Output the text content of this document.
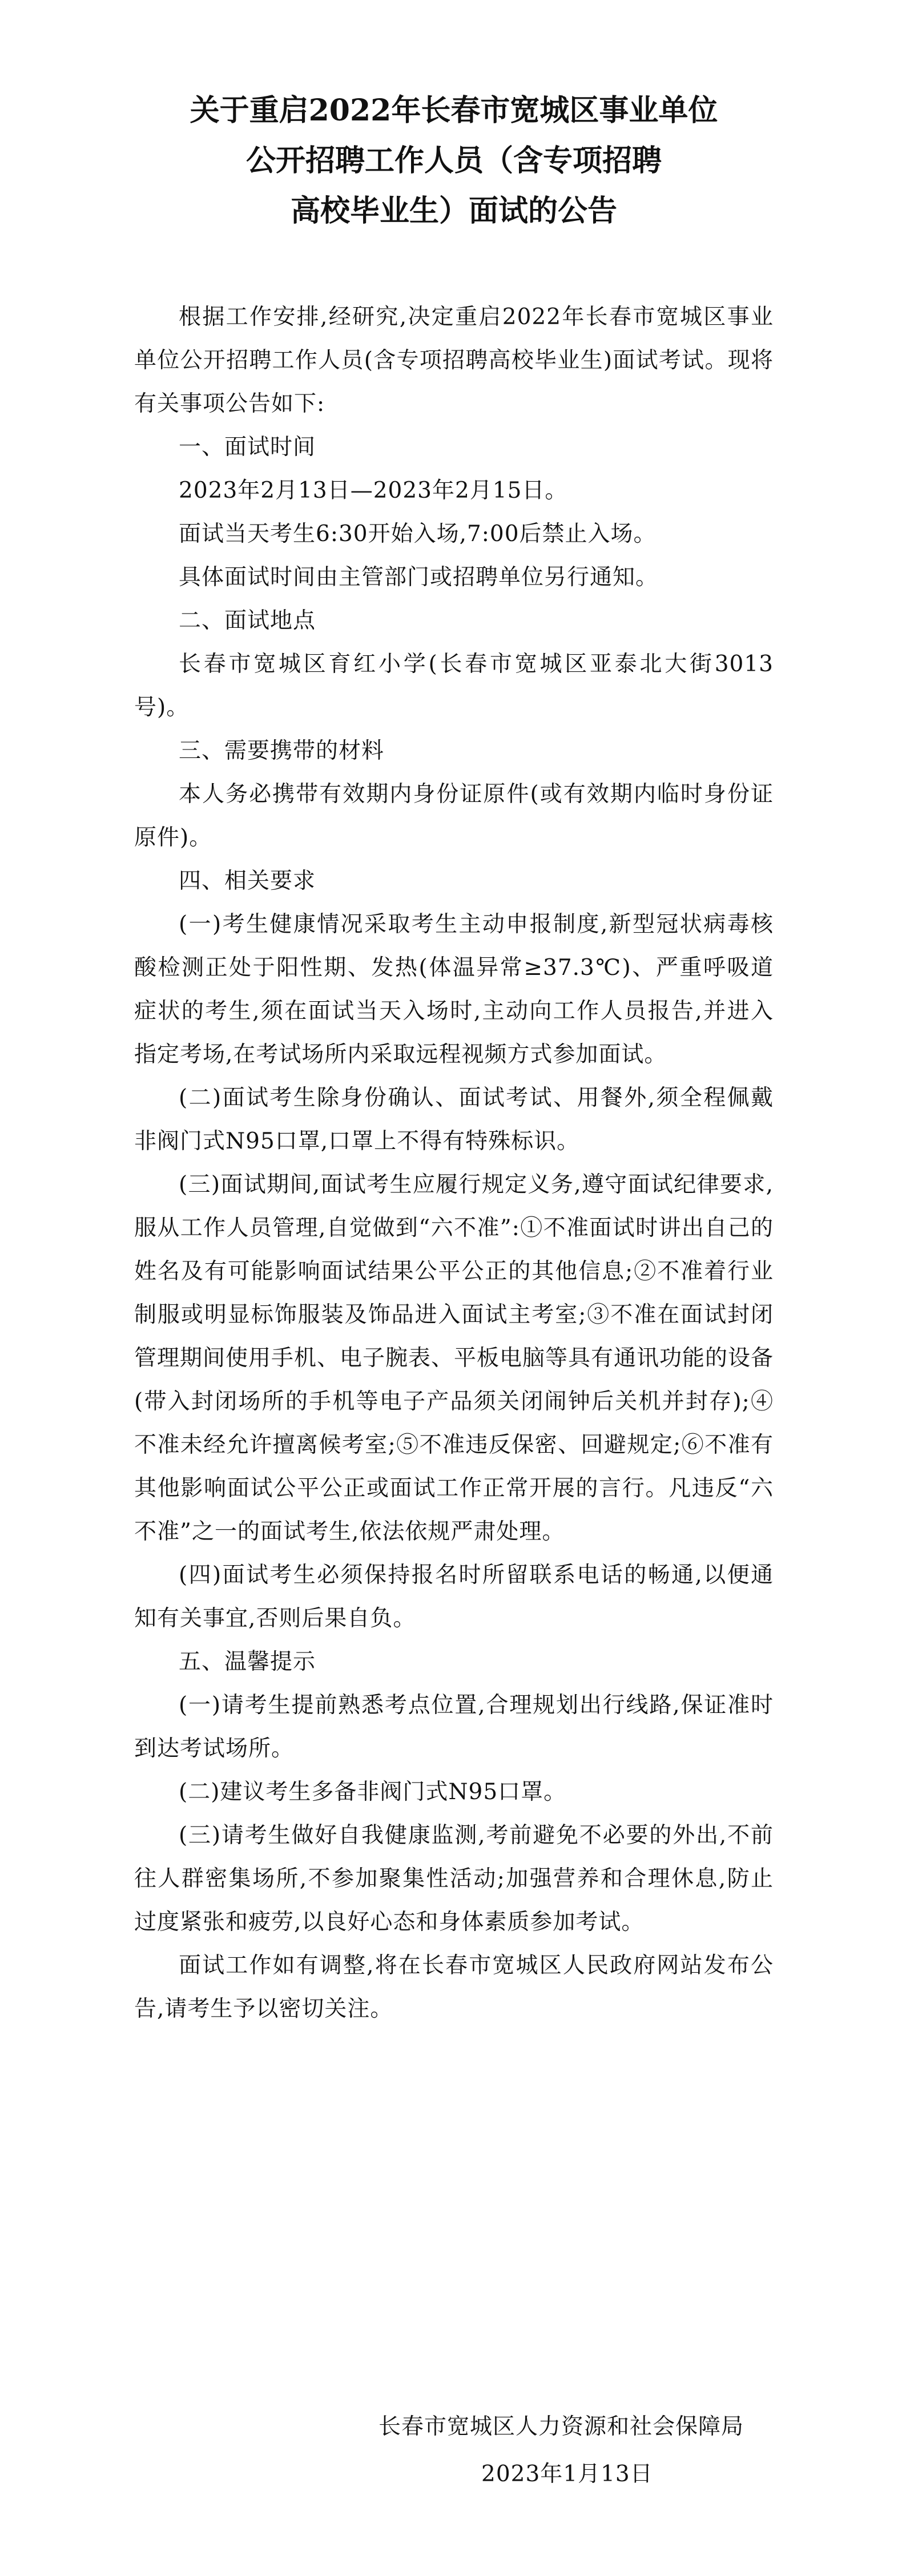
关于重启2022年长春市宽城区事业单位
公开招聘工作人员（含专项招聘
高校毕业生）面试的公告

根据工作安排,经研究,决定重启2022年长春市宽城区事业单位公开招聘工作人员(含专项招聘高校毕业生)面试考试。现将有关事项公告如下:

一、面试时间

2023年2月13日—2023年2月15日。

面试当天考生6:30开始入场,7:00后禁止入场。

具体面试时间由主管部门或招聘单位另行通知。

二、面试地点

长春市宽城区育红小学(长春市宽城区亚泰北大街3013号)。

三、需要携带的材料

本人务必携带有效期内身份证原件(或有效期内临时身份证原件)。

四、相关要求

(一)考生健康情况采取考生主动申报制度,新型冠状病毒核酸检测正处于阳性期、发热(体温异常≥37.3℃)、严重呼吸道症状的考生,须在面试当天入场时,主动向工作人员报告,并进入指定考场,在考试场所内采取远程视频方式参加面试。

(二)面试考生除身份确认、面试考试、用餐外,须全程佩戴非阀门式N95口罩,口罩上不得有特殊标识。

(三)面试期间,面试考生应履行规定义务,遵守面试纪律要求,服从工作人员管理,自觉做到“六不准”:①不准面试时讲出自己的姓名及有可能影响面试结果公平公正的其他信息;②不准着行业制服或明显标饰服装及饰品进入面试主考室;③不准在面试封闭管理期间使用手机、电子腕表、平板电脑等具有通讯功能的设备(带入封闭场所的手机等电子产品须关闭闹钟后关机并封存);④不准未经允许擅离候考室;⑤不准违反保密、回避规定;⑥不准有其他影响面试公平公正或面试工作正常开展的言行。凡违反“六不准”之一的面试考生,依法依规严肃处理。

(四)面试考生必须保持报名时所留联系电话的畅通,以便通知有关事宜,否则后果自负。

五、温馨提示

(一)请考生提前熟悉考点位置,合理规划出行线路,保证准时到达考试场所。

(二)建议考生多备非阀门式N95口罩。

(三)请考生做好自我健康监测,考前避免不必要的外出,不前往人群密集场所,不参加聚集性活动;加强营养和合理休息,防止过度紧张和疲劳,以良好心态和身体素质参加考试。

面试工作如有调整,将在长春市宽城区人民政府网站发布公告,请考生予以密切关注。

长春市宽城区人力资源和社会保障局
2023年1月13日
